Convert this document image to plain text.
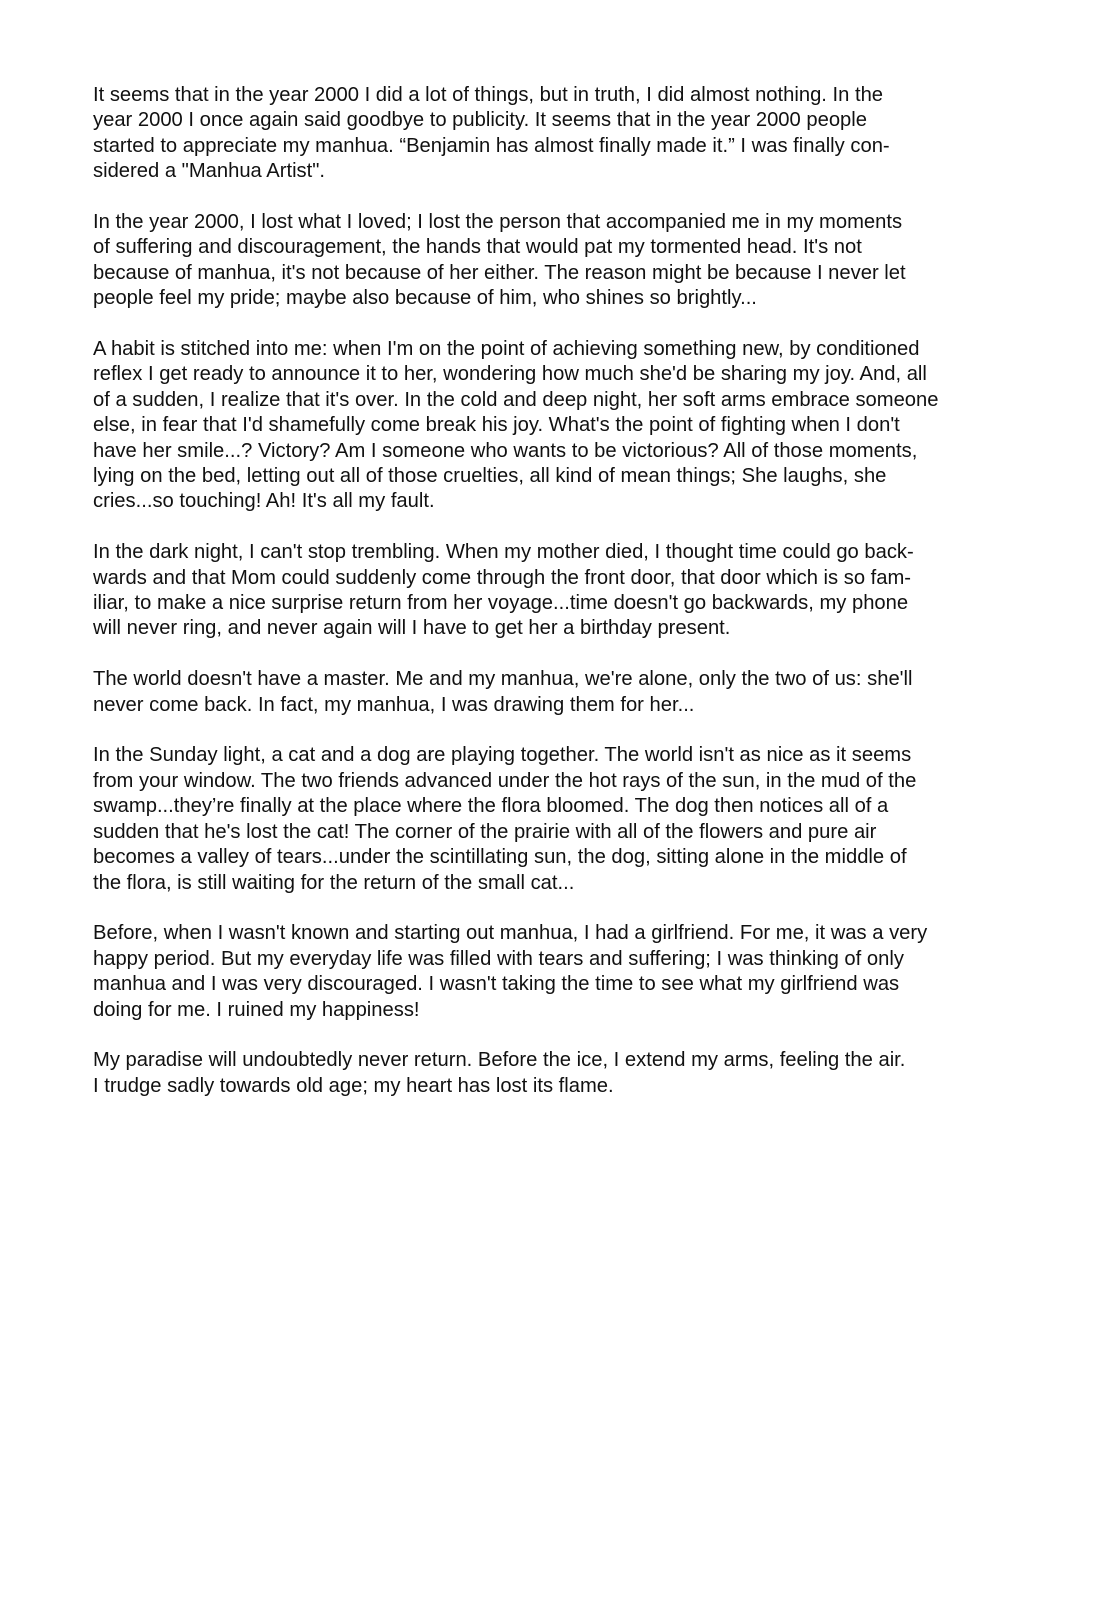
It seems that in the year 2000 I did a lot of things, but in truth, I did almost nothing. In the
year 2000 I once again said goodbye to publicity. It seems that in the year 2000 people
started to appreciate my manhua. “Benjamin has almost finally made it.” I was finally con-
sidered a "Manhua Artist".

In the year 2000, I lost what I loved; I lost the person that accompanied me in my moments
of suffering and discouragement, the hands that would pat my tormented head. It's not
because of manhua, it's not because of her either. The reason might be because I never let
people feel my pride; maybe also because of him, who shines so brightly...

A habit is stitched into me: when I'm on the point of achieving something new, by conditioned
reflex I get ready to announce it to her, wondering how much she'd be sharing my joy. And, all
of a sudden, I realize that it's over. In the cold and deep night, her soft arms embrace someone
else, in fear that I'd shamefully come break his joy. What's the point of fighting when I don't
have her smile...? Victory? Am I someone who wants to be victorious? All of those moments,
lying on the bed, letting out all of those cruelties, all kind of mean things; She laughs, she
cries...so touching! Ah! It's all my fault.

In the dark night, I can't stop trembling. When my mother died, I thought time could go back-
wards and that Mom could suddenly come through the front door, that door which is so fam-
iliar, to make a nice surprise return from her voyage...time doesn't go backwards, my phone
will never ring, and never again will I have to get her a birthday present.

The world doesn't have a master. Me and my manhua, we're alone, only the two of us: she'll
never come back. In fact, my manhua, I was drawing them for her...

In the Sunday light, a cat and a dog are playing together. The world isn't as nice as it seems
from your window. The two friends advanced under the hot rays of the sun, in the mud of the
swamp...they’re finally at the place where the flora bloomed. The dog then notices all of a
sudden that he's lost the cat! The corner of the prairie with all of the flowers and pure air
becomes a valley of tears...under the scintillating sun, the dog, sitting alone in the middle of
the flora, is still waiting for the return of the small cat...

Before, when I wasn't known and starting out manhua, I had a girlfriend. For me, it was a very
happy period. But my everyday life was filled with tears and suffering; I was thinking of only
manhua and I was very discouraged. I wasn't taking the time to see what my girlfriend was
doing for me. I ruined my happiness!

My paradise will undoubtedly never return. Before the ice, I extend my arms, feeling the air.
I trudge sadly towards old age; my heart has lost its flame.
